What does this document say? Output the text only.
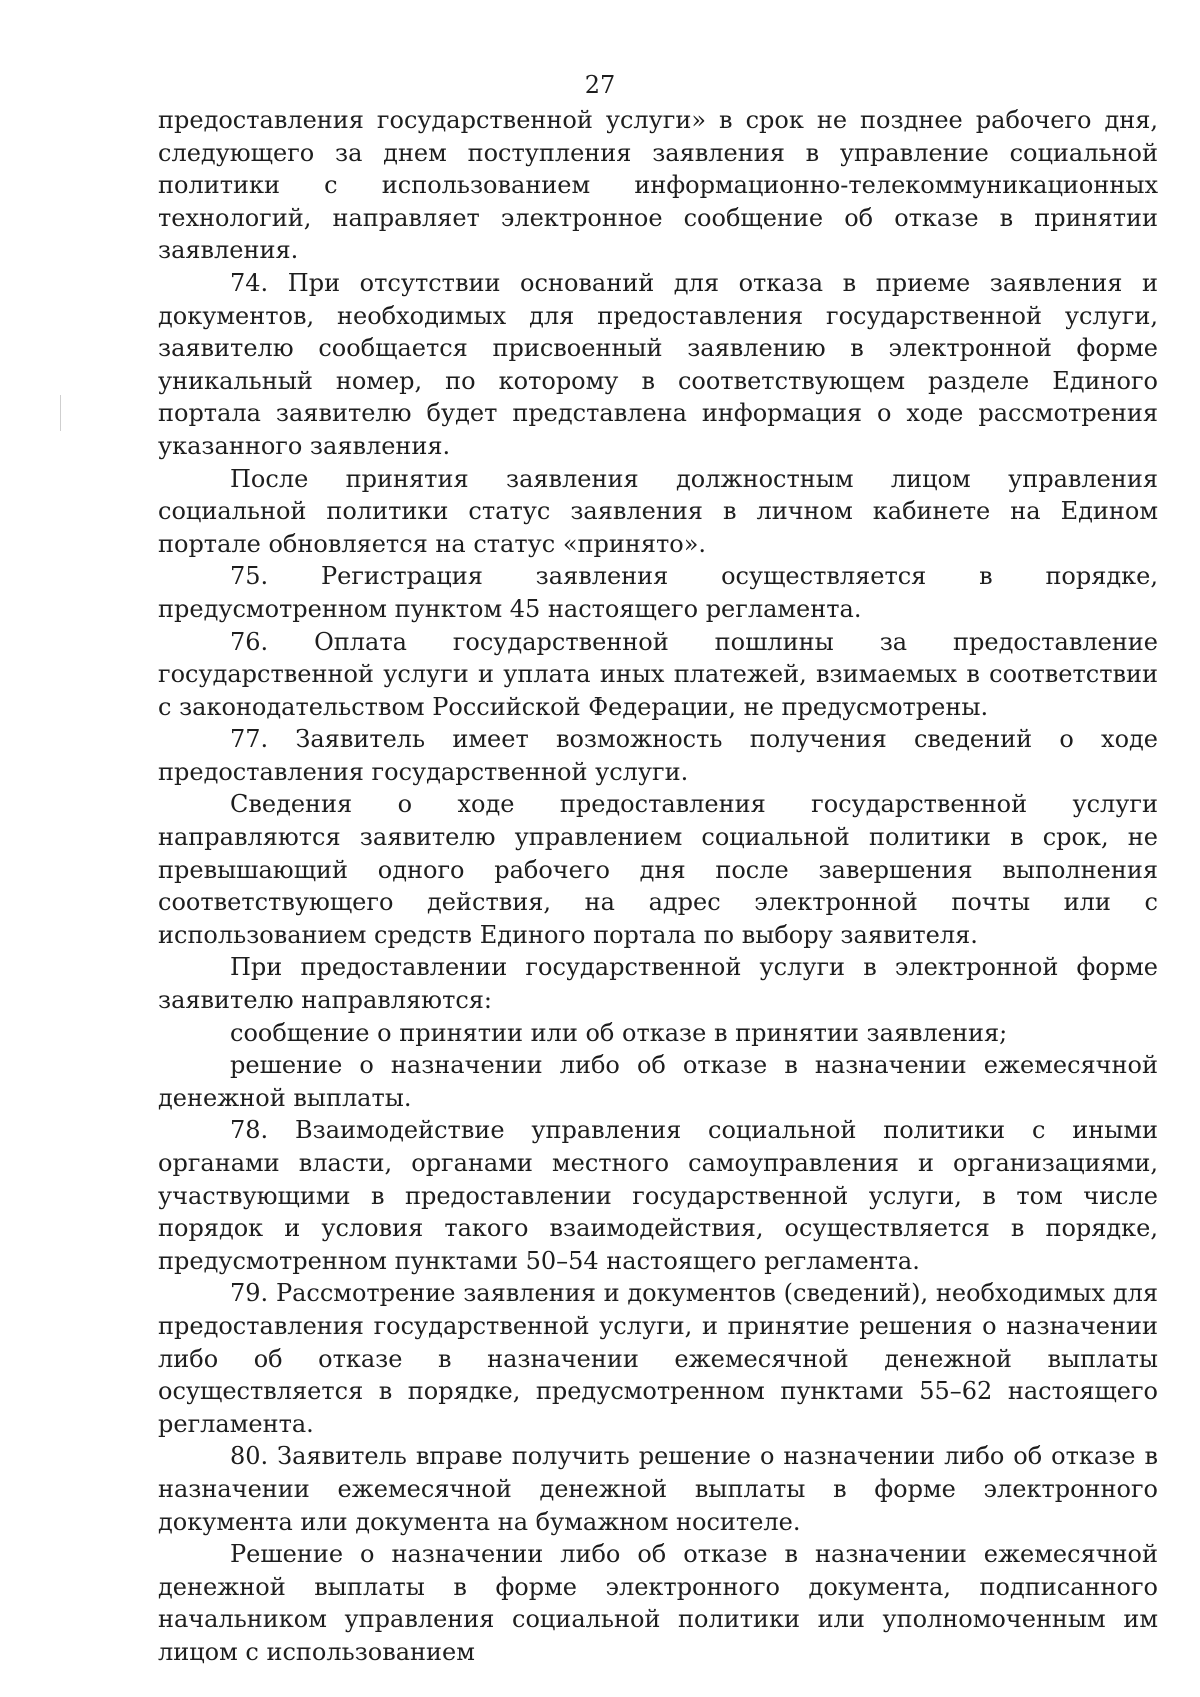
27

предоставления государственной услуги» в срок не позднее рабочего дня, следующего за днем поступления заявления в управление социальной политики с использованием информационно-телекоммуникационных технологий, направляет электронное сообщение об отказе в принятии заявления.

74. При отсутствии оснований для отказа в приеме заявления и документов, необходимых для предоставления государственной услуги, заявителю сообщается присвоенный заявлению в электронной форме уникальный номер, по которому в соответствующем разделе Единого портала заявителю будет представлена информация о ходе рассмотрения указанного заявления.

После принятия заявления должностным лицом управления социальной политики статус заявления в личном кабинете на Едином портале обновляется на статус «принято».

75. Регистрация заявления осуществляется в порядке, предусмотренном пунктом 45 настоящего регламента.

76. Оплата государственной пошлины за предоставление государственной услуги и уплата иных платежей, взимаемых в соответствии с законодательством Российской Федерации, не предусмотрены.

77. Заявитель имеет возможность получения сведений о ходе предоставления государственной услуги.

Сведения о ходе предоставления государственной услуги направляются заявителю управлением социальной политики в срок, не превышающий одного рабочего дня после завершения выполнения соответствующего действия, на адрес электронной почты или с использованием средств Единого портала по выбору заявителя.

При предоставлении государственной услуги в электронной форме заявителю направляются:

сообщение о принятии или об отказе в принятии заявления;

решение о назначении либо об отказе в назначении ежемесячной денежной выплаты.

78. Взаимодействие управления социальной политики с иными органами власти, органами местного самоуправления и организациями, участвующими в предоставлении государственной услуги, в том числе порядок и условия такого взаимодействия, осуществляется в порядке, предусмотренном пунктами 50–54 настоящего регламента.

79. Рассмотрение заявления и документов (сведений), необходимых для предоставления государственной услуги, и принятие решения о назначении либо об отказе в назначении ежемесячной денежной выплаты осуществляется в порядке, предусмотренном пунктами 55–62 настоящего регламента.

80. Заявитель вправе получить решение о назначении либо об отказе в назначении ежемесячной денежной выплаты в форме электронного документа или документа на бумажном носителе.

Решение о назначении либо об отказе в назначении ежемесячной денежной выплаты в форме электронного документа, подписанного начальником управления социальной политики или уполномоченным им лицом с использованием
